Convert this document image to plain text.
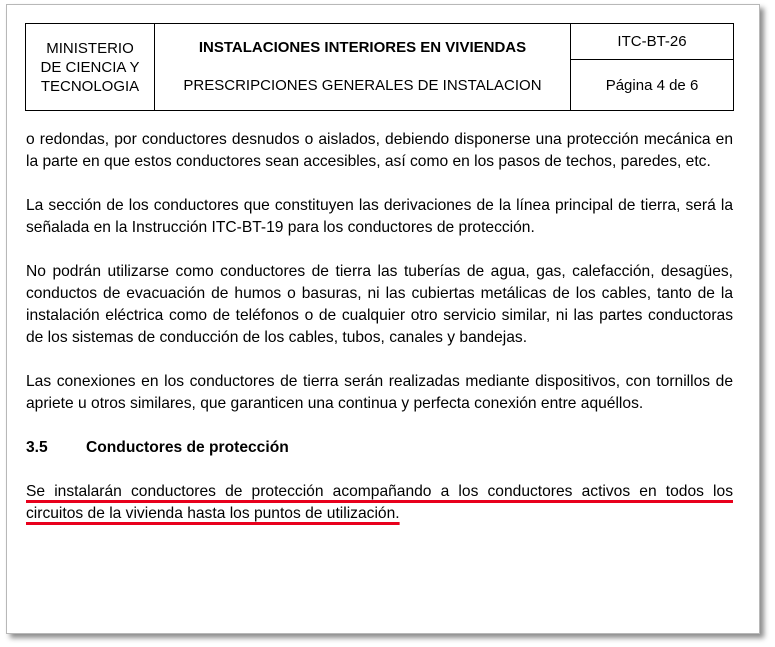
MINISTERIO
DE CIENCIA Y
TECNOLOGIA
INSTALACIONES INTERIORES EN VIVIENDAS
PRESCRIPCIONES GENERALES DE INSTALACION
ITC-BT-26
Página 4 de 6

o redondas, por conductores desnudos o aislados, debiendo disponerse una protección mecánica en la parte en que estos conductores sean accesibles, así como en los pasos de techos, paredes, etc.

La sección de los conductores que constituyen las derivaciones de la línea principal de tierra, será la señalada en la Instrucción ITC-BT-19 para los conductores de protección.

No podrán utilizarse como conductores de tierra las tuberías de agua, gas, calefacción, desagües, conductos de evacuación de humos o basuras, ni las cubiertas metálicas de los cables, tanto de la instalación eléctrica como de teléfonos o de cualquier otro servicio similar, ni las partes conductoras de los sistemas de conducción de los cables, tubos, canales y bandejas.

Las conexiones en los conductores de tierra serán realizadas mediante dispositivos, con tornillos de apriete u otros similares, que garanticen una continua y perfecta conexión entre aquéllos.

3.5 Conductores de protección

Se instalarán conductores de protección acompañando a los conductores activos en todos los circuitos de la vivienda hasta los puntos de utilización.
